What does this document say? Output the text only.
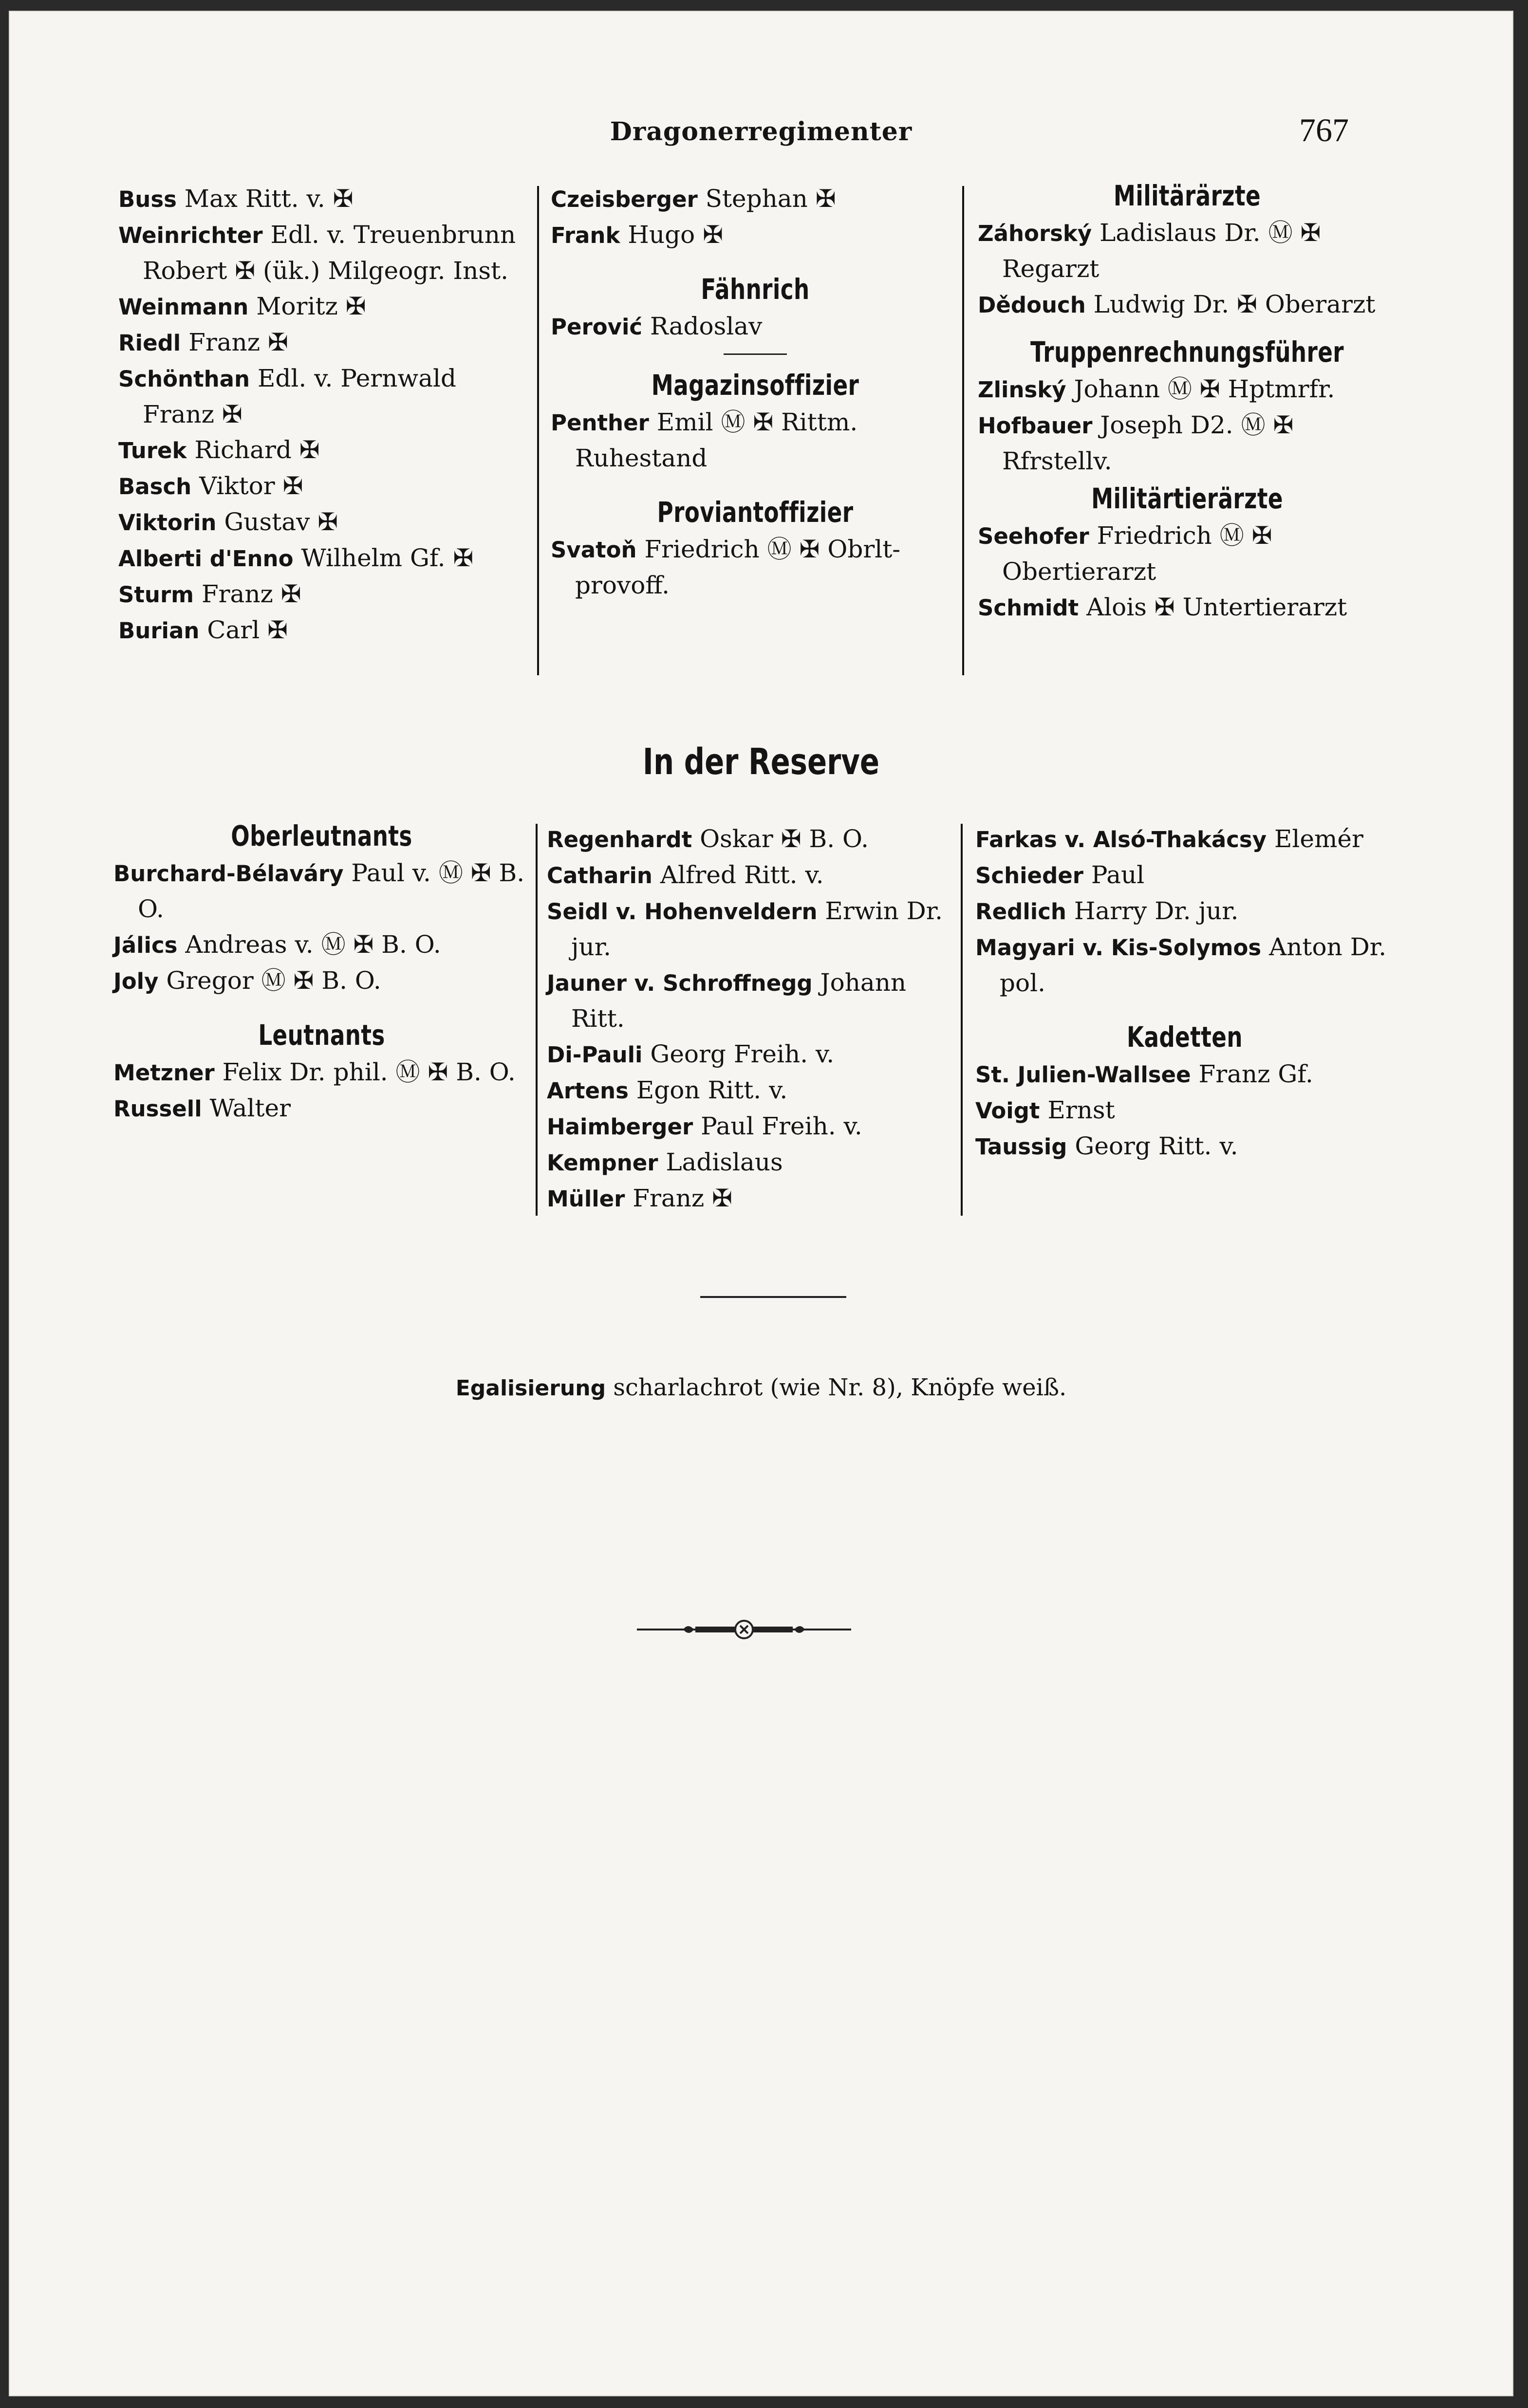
Dragonerregimenter	767
Buss Max Ritt. v. ✠
Weinrichter Edl. v. Treuenbrunn Robert ✠ (ük.) Milgeogr. Inst.
Weinmann Moritz ✠
Riedl Franz ✠
Schönthan Edl. v. Pernwald Franz ✠
Turek Richard ✠
Basch Viktor ✠
Viktorin Gustav ✠
Alberti d'Enno Wilhelm Gf. ✠
Sturm Franz ✠
Burian Carl ✠
Czeisberger Stephan ✠
Frank Hugo ✠
Fähnrich
Perović Radoslav
Magazinsoffizier
Penther Emil Ⓜ ✠ Rittm. Ruhestand
Proviantoffizier
Svatoň Friedrich Ⓜ ✠ Obrlt-provoff.
Militärärzte
Záhorský Ladislaus Dr. Ⓜ ✠ Regarzt
Dědouch Ludwig Dr. ✠ Oberarzt
Truppenrechnungsführer
Zlinský Johann Ⓜ ✠ Hptmrfr.
Hofbauer Joseph D2. Ⓜ ✠ Rfrstellv.
Militärtierärzte
Seehofer Friedrich Ⓜ ✠ Obertierarzt
Schmidt Alois ✠ Untertierarzt
In der Reserve
Oberleutnants
Burchard-Bélaváry Paul v. Ⓜ ✠ B. O.
Jálics Andreas v. Ⓜ ✠ B. O.
Joly Gregor Ⓜ ✠ B. O.
Leutnants
Metzner Felix Dr. phil. Ⓜ ✠ B. O.
Russell Walter
Regenhardt Oskar ✠ B. O.
Catharin Alfred Ritt. v.
Seidl v. Hohenveldern Erwin Dr. jur.
Jauner v. Schroffnegg Johann Ritt.
Di-Pauli Georg Freih. v.
Artens Egon Ritt. v.
Haimberger Paul Freih. v.
Kempner Ladislaus
Müller Franz ✠
Farkas v. Alsó-Thakácsy Elemér
Schieder Paul
Redlich Harry Dr. jur.
Magyari v. Kis-Solymos Anton Dr. pol.
Kadetten
St. Julien-Wallsee Franz Gf.
Voigt Ernst
Taussig Georg Ritt. v.
Egalisierung scharlachrot (wie Nr. 8), Knöpfe weiß.
